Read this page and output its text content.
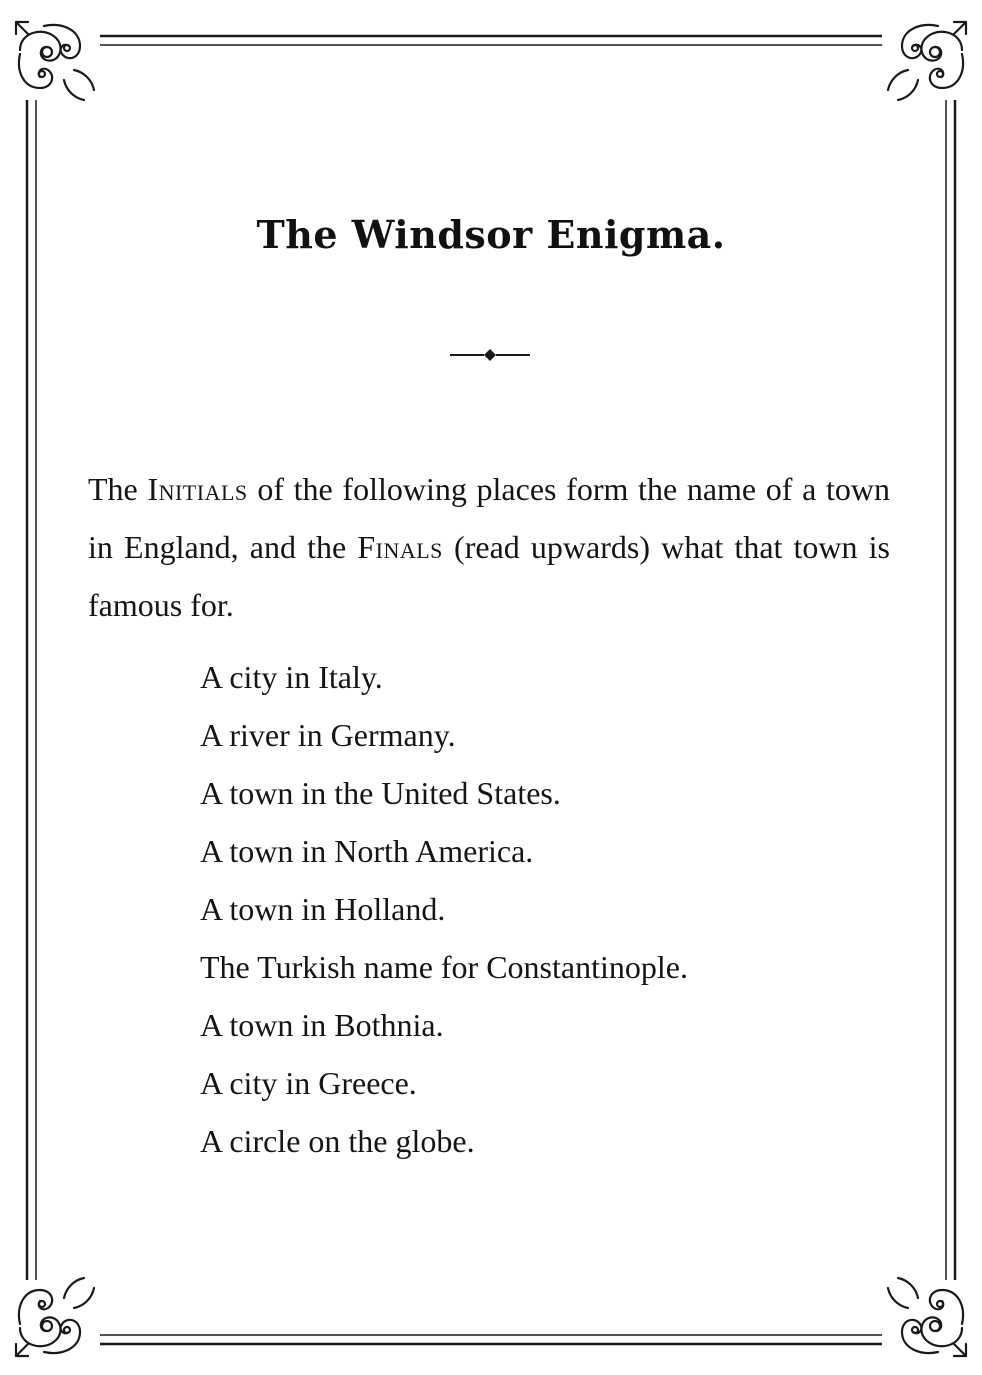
The Windsor Enigma.

The Initials of the following places form the name of a town in England, and the Finals (read upwards) what that town is famous for.

A city in Italy.
A river in Germany.
A town in the United States.
A town in North America.
A town in Holland.
The Turkish name for Constantinople.
A town in Bothnia.
A city in Greece.
A circle on the globe.
